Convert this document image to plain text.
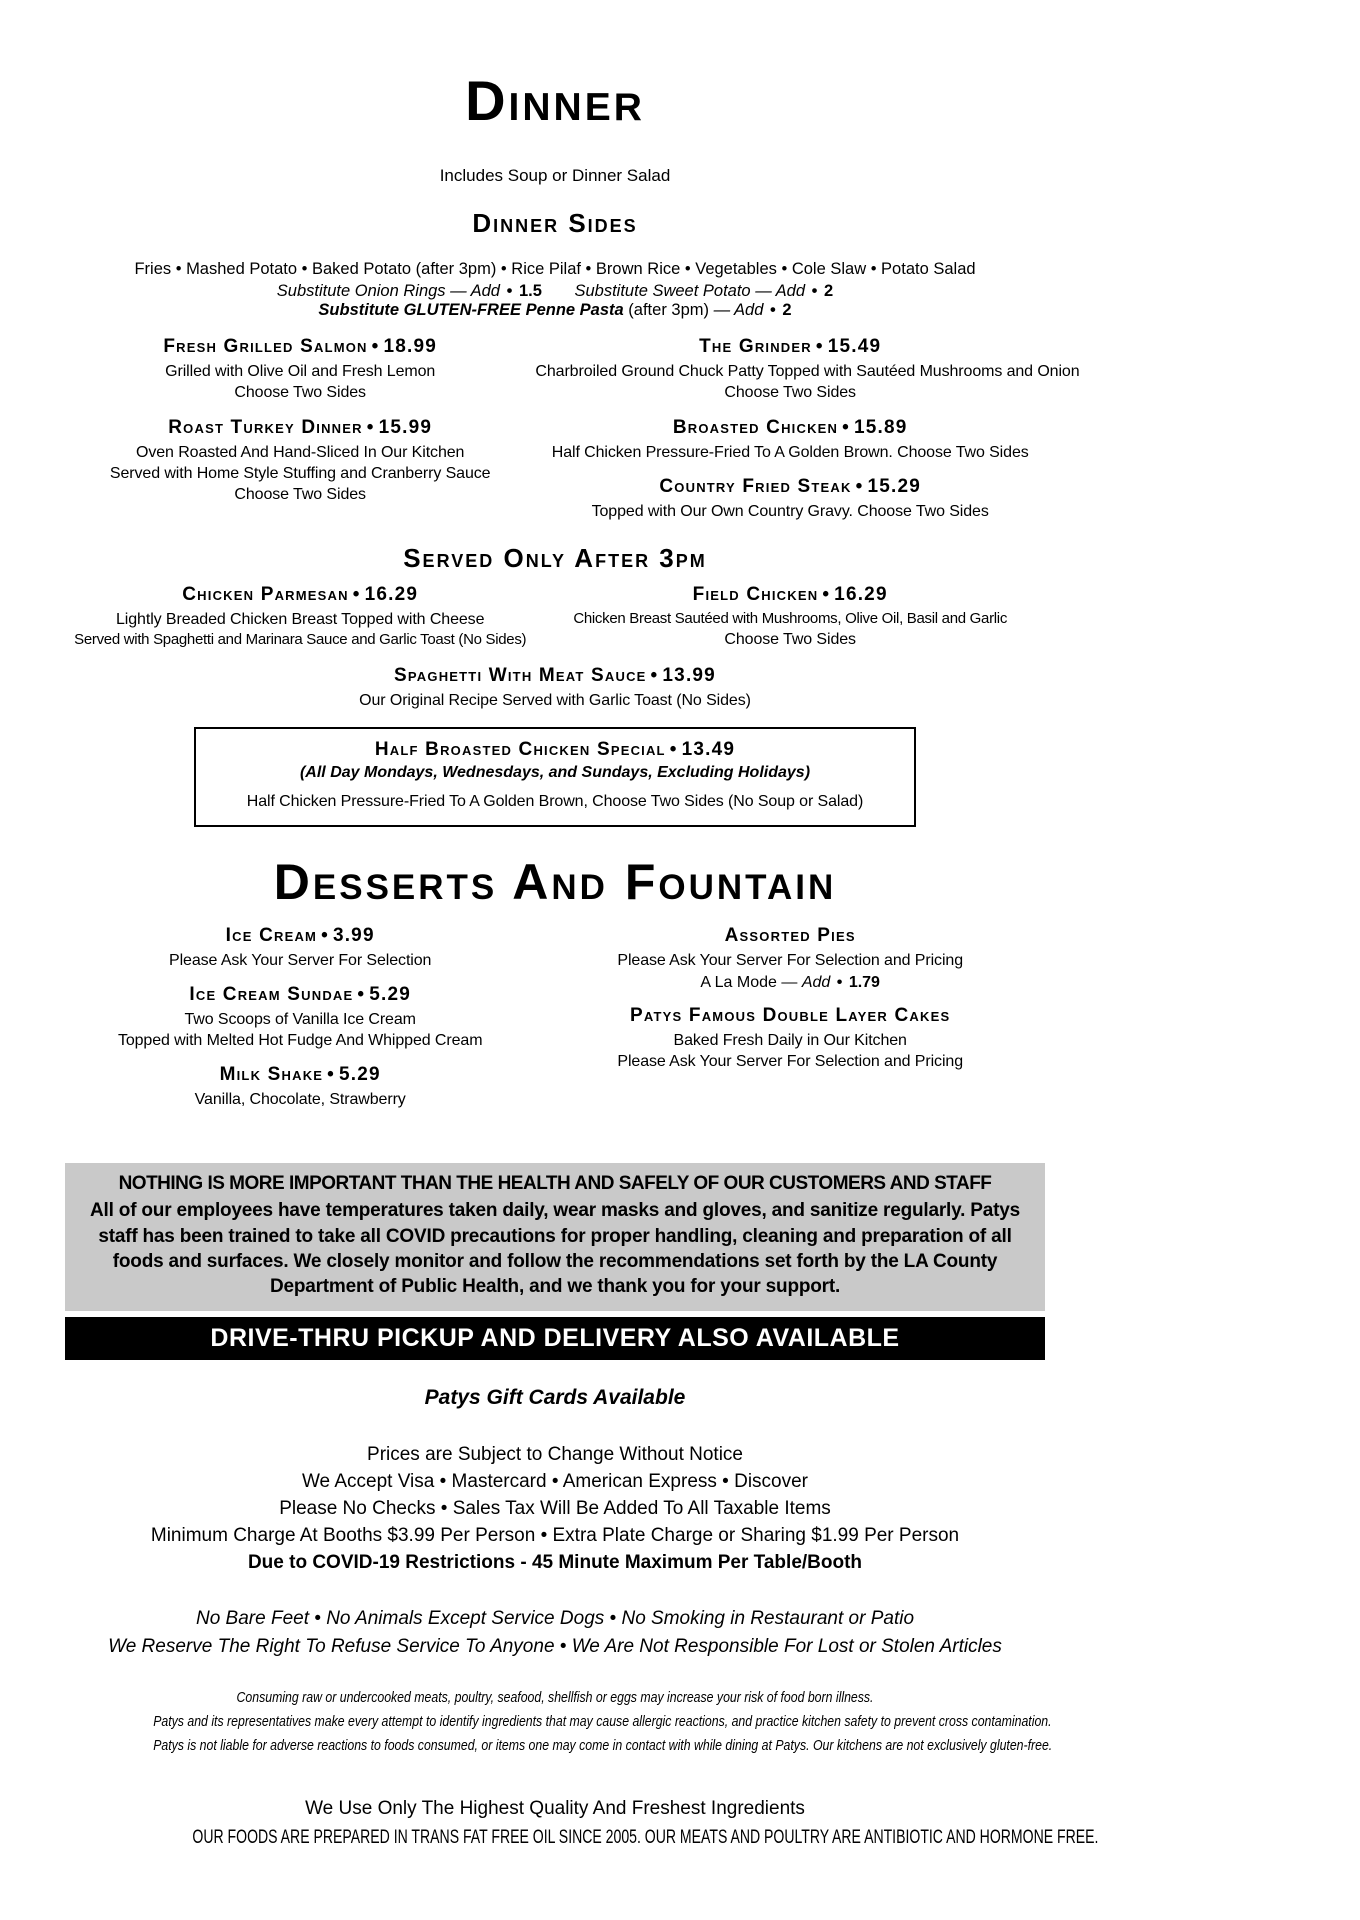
Dinner
Includes Soup or Dinner Salad
Dinner Sides
Fries • Mashed Potato • Baked Potato (after 3pm) • Rice Pilaf • Brown Rice • Vegetables • Cole Slaw • Potato Salad
Substitute Onion Rings — Add • 1.5 Substitute Sweet Potato — Add • 2 Substitute GLUTEN-FREE Penne Pasta (after 3pm) — Add • 2
Fresh Grilled Salmon • 18.99
Grilled with Olive Oil and Fresh Lemon
Choose Two Sides
Roast Turkey Dinner • 15.99
Oven Roasted And Hand-Sliced In Our Kitchen
Served with Home Style Stuffing and Cranberry Sauce
Choose Two Sides
The Grinder • 15.49
Charbroiled Ground Chuck Patty Topped with Sautéed Mushrooms and Onion
Choose Two Sides
Broasted Chicken • 15.89
Half Chicken Pressure-Fried To A Golden Brown. Choose Two Sides
Country Fried Steak • 15.29
Topped with Our Own Country Gravy. Choose Two Sides
Served Only After 3pm
Chicken Parmesan • 16.29
Lightly Breaded Chicken Breast Topped with Cheese
Served with Spaghetti and Marinara Sauce and Garlic Toast (No Sides)
Field Chicken • 16.29
Chicken Breast Sautéed with Mushrooms, Olive Oil, Basil and Garlic
Choose Two Sides
Spaghetti With Meat Sauce • 13.99
Our Original Recipe Served with Garlic Toast (No Sides)
Half Broasted Chicken Special • 13.49
(All Day Mondays, Wednesdays, and Sundays, Excluding Holidays)
Half Chicken Pressure-Fried To A Golden Brown, Choose Two Sides (No Soup or Salad)
Desserts And Fountain
Ice Cream • 3.99
Please Ask Your Server For Selection
Ice Cream Sundae • 5.29
Two Scoops of Vanilla Ice Cream
Topped with Melted Hot Fudge And Whipped Cream
Milk Shake • 5.29
Vanilla, Chocolate, Strawberry
Assorted Pies
Please Ask Your Server For Selection and Pricing
A La Mode — Add • 1.79
Patys Famous Double Layer Cakes
Baked Fresh Daily in Our Kitchen
Please Ask Your Server For Selection and Pricing
NOTHING IS MORE IMPORTANT THAN THE HEALTH AND SAFELY OF OUR CUSTOMERS AND STAFF
All of our employees have temperatures taken daily, wear masks and gloves, and sanitize regularly. Patys staff has been trained to take all COVID precautions for proper handling, cleaning and preparation of all foods and surfaces. We closely monitor and follow the recommendations set forth by the LA County Department of Public Health, and we thank you for your support.
DRIVE-THRU PICKUP AND DELIVERY ALSO AVAILABLE
Patys Gift Cards Available
Prices are Subject to Change Without Notice
We Accept Visa • Mastercard • American Express • Discover
Please No Checks • Sales Tax Will Be Added To All Taxable Items
Minimum Charge At Booths $3.99 Per Person • Extra Plate Charge or Sharing $1.99 Per Person
Due to COVID-19 Restrictions - 45 Minute Maximum Per Table/Booth
No Bare Feet • No Animals Except Service Dogs • No Smoking in Restaurant or Patio
We Reserve The Right To Refuse Service To Anyone • We Are Not Responsible For Lost or Stolen Articles
Consuming raw or undercooked meats, poultry, seafood, shellfish or eggs may increase your risk of food born illness.
Patys and its representatives make every attempt to identify ingredients that may cause allergic reactions, and practice kitchen safety to prevent cross contamination.
Patys is not liable for adverse reactions to foods consumed, or items one may come in contact with while dining at Patys. Our kitchens are not exclusively gluten-free.
We Use Only The Highest Quality And Freshest Ingredients
OUR FOODS ARE PREPARED IN TRANS FAT FREE OIL SINCE 2005. OUR MEATS AND POULTRY ARE ANTIBIOTIC AND HORMONE FREE.
